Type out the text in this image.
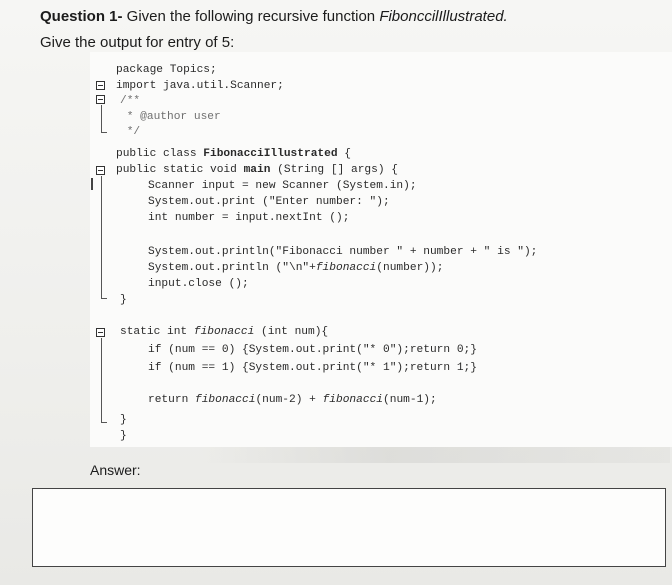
Question 1- Given the following recursive function FibonccilIllustrated.
Give the output for entry of 5:

package Topics;

import java.util.Scanner;

/**

* @author user

*/

public class FibonacciIllustrated {

public static void main (String [] args) {

Scanner input = new Scanner (System.in);

System.out.print ("Enter number: ");

int number = input.nextInt ();

System.out.println("Fibonacci number " + number + " is ");

System.out.println ("\n"+fibonacci(number));

input.close ();

}

static int fibonacci (int num){

if (num == 0) {System.out.print("* 0");return 0;}

if (num == 1) {System.out.print("* 1");return 1;}

return fibonacci(num-2) + fibonacci(num-1);

}

}

Answer:
